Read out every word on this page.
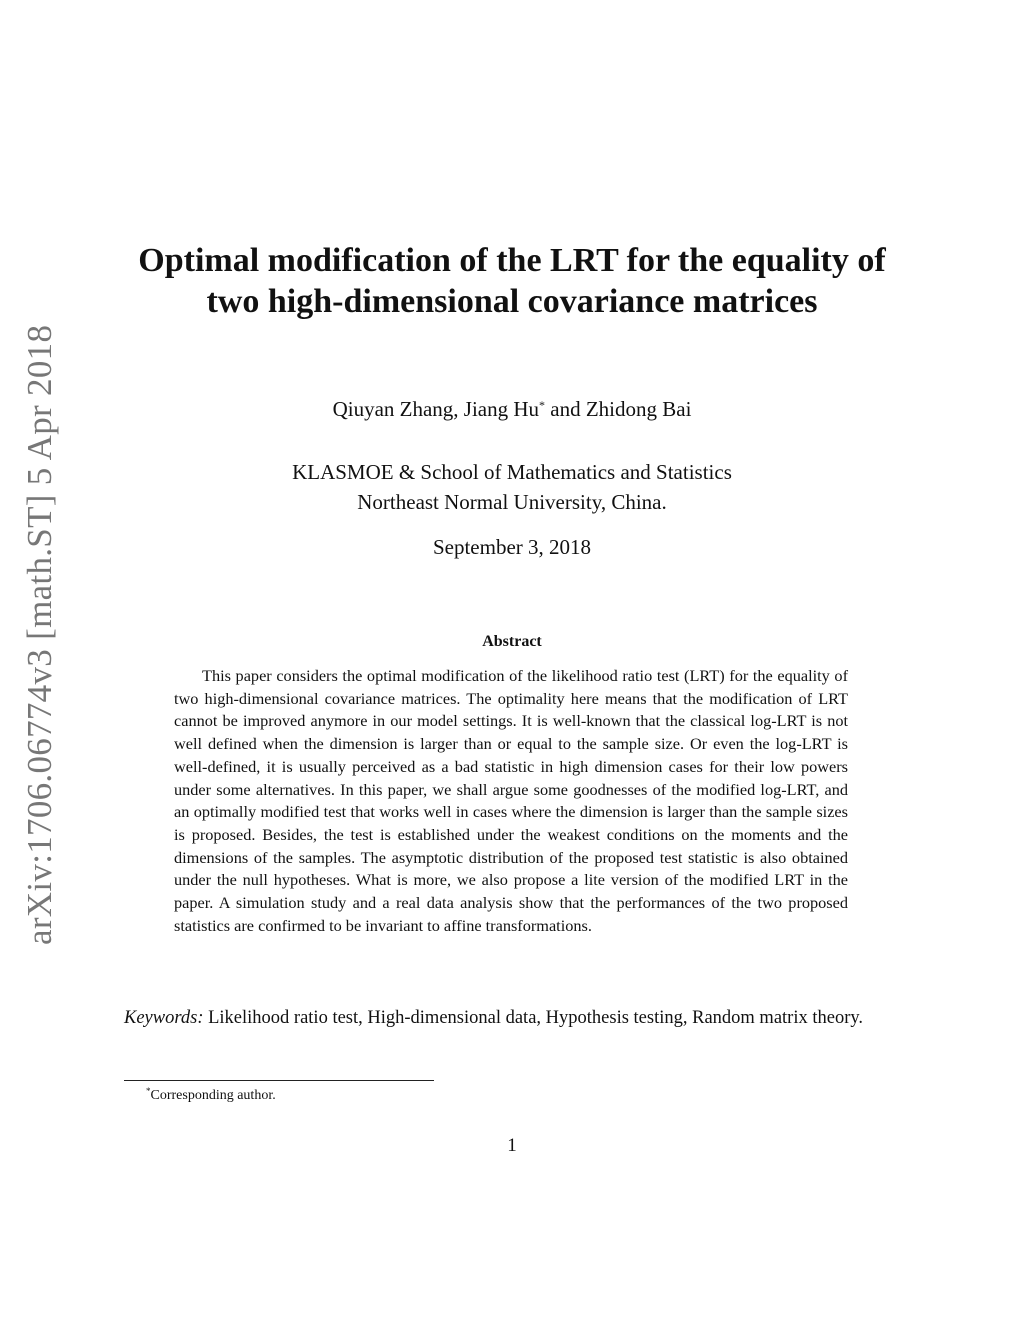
arXiv:1706.06774v3 [math.ST] 5 Apr 2018
Optimal modification of the LRT for the equality of two high-dimensional covariance matrices
Qiuyan Zhang, Jiang Hu* and Zhidong Bai
KLASMOE & School of Mathematics and Statistics
Northeast Normal University, China.
September 3, 2018
Abstract
This paper considers the optimal modification of the likelihood ratio test (LRT) for the equality of two high-dimensional covariance matrices. The optimality here means that the modification of LRT cannot be improved anymore in our model settings. It is well-known that the classical log-LRT is not well defined when the dimension is larger than or equal to the sample size. Or even the log-LRT is well-defined, it is usually perceived as a bad statistic in high dimension cases for their low powers under some alternatives. In this paper, we shall argue some goodnesses of the modified log-LRT, and an optimally modified test that works well in cases where the dimension is larger than the sample sizes is proposed. Besides, the test is established under the weakest conditions on the moments and the dimensions of the samples. The asymptotic distribution of the proposed test statistic is also obtained under the null hypotheses. What is more, we also propose a lite version of the modified LRT in the paper. A simulation study and a real data analysis show that the performances of the two proposed statistics are confirmed to be invariant to affine transformations.
Keywords: Likelihood ratio test, High-dimensional data, Hypothesis testing, Random matrix theory.
*Corresponding author.
1
